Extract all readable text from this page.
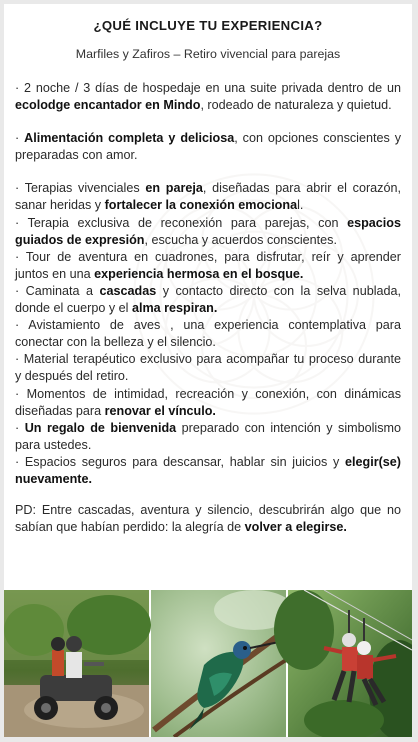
¿QUÉ INCLUYE TU EXPERIENCIA?
Marfiles y Zafiros – Retiro vivencial para parejas

· 2 noche / 3 días de hospedaje en una suite privada dentro de un ecolodge encantador en Mindo, rodeado de naturaleza y quietud.

· Alimentación completa y deliciosa, con opciones conscientes y preparadas con amor.

· Terapias vivenciales en pareja, diseñadas para abrir el corazón, sanar heridas y fortalecer la conexión emocional.

· Terapia exclusiva de reconexión para parejas, con espacios guiados de expresión, escucha y acuerdos conscientes.

· Tour de aventura en cuadrones, para disfrutar, reír y aprender juntos en una experiencia hermosa en el bosque.

· Caminata a cascadas y contacto directo con la selva nublada, donde el cuerpo y el alma respiran.

· Avistamiento de aves , una experiencia contemplativa para conectar con la belleza y el silencio.

· Material terapéutico exclusivo para acompañar tu proceso durante y después del retiro.

· Momentos de intimidad, recreación y conexión, con dinámicas diseñadas para renovar el vínculo.

· Un regalo de bienvenida preparado con intención y simbolismo para ustedes.

· Espacios seguros para descansar, hablar sin juicios y elegir(se) nuevamente.

PD: Entre cascadas, aventura y silencio, descubrirán algo que no sabían que habían perdido: la alegría de volver a elegirse.
